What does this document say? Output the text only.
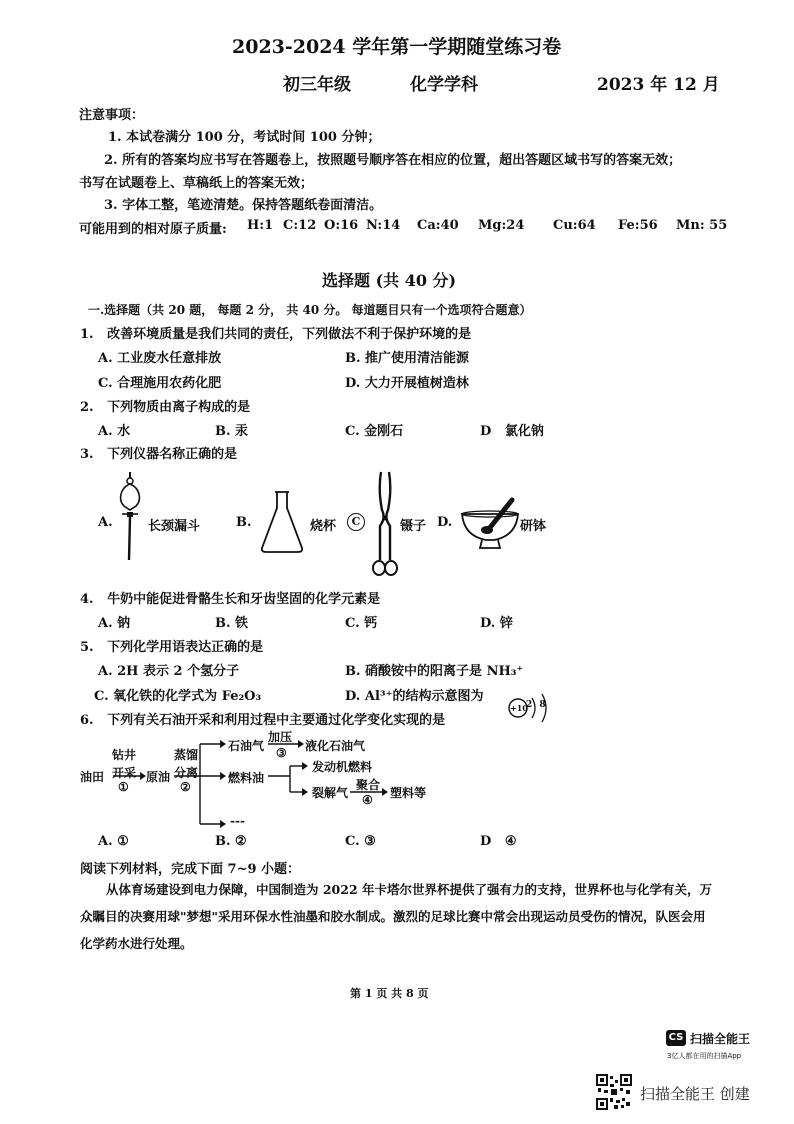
2023-2024 学年第一学期随堂练习卷
初三年级	化学学科	2023 年 12 月
注意事项：
1. 本试卷满分 100 分，考试时间 100 分钟；
2. 所有的答案均应书写在答题卷上，按照题号顺序答在相应的位置，超出答题区域书写的答案无效；
书写在试题卷上、草稿纸上的答案无效；
3. 字体工整，笔迹清楚。保持答题纸卷面清洁。
可能用到的相对原子质量: H:1 C:12 O:16 N:14 Ca:40 Mg:24 Cu:64 Fe:56 Mn: 55
选择题 (共 40 分)
一.选择题（共 20 题， 每题 2 分， 共 40 分。 每道题目只有一个选项符合题意）
1.   改善环境质量是我们共同的责任，下列做法不利于保护环境的是
A. 工业废水任意排放	B. 推广使用清洁能源
C. 合理施用农药化肥	D. 大力开展植树造林
2.   下列物质由离子构成的是
A. 水	B. 汞	C. 金刚石	D   氯化钠
3.   下列仪器名称正确的是
A.	长颈漏斗	B.	烧杯	C	镊子 D.	研钵
4.   牛奶中能促进骨骼生长和牙齿坚固的化学元素是
A. 钠	B. 铁	C. 钙	D. 锌
5.   下列化学用语表达正确的是
A. 2H 表示 2 个氢分子	B. 硝酸铵中的阳离子是 NH₃⁺
C. 氧化铁的化学式为 Fe₂O₃	D. Al³⁺的结构示意图为
+10
2 8
6.   下列有关石油开采和利用过程中主要通过化学变化实现的是
油田
钻井
开采
①
原油
蒸馏
分离
②
石油气
加压
③ 液化石油气
燃料油
发动机燃料
裂解气
聚合
④ 塑料等
---
A. ①	B. ②	C. ③	D   ④
阅读下列材料，完成下面 7~9 小题：
从体育场建设到电力保障，中国制造为 2022 年卡塔尔世界杯提供了强有力的支持，世界杯也与化学有关，万众瞩目的决赛用球"梦想"采用环保水性油墨和胶水制成。激烈的足球比赛中常会出现运动员受伤的情况，队医会用化学药水进行处理。
第 1 页 共 8 页
CS 扫描全能王
3亿人都在用的扫描App
扫描全能王 创建
